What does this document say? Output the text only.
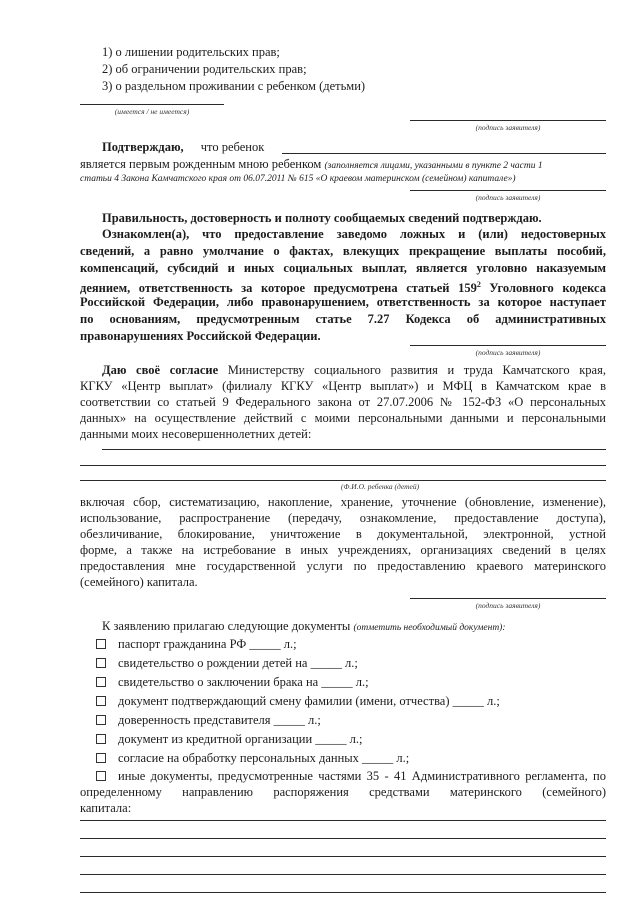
1) о лишении родительских прав;
2) об ограничении родительских прав;
3) о раздельном проживании с ребенком (детьми)
(имеется / не имеется)
(подпись заявителя)
Подтверждаю, что ребенок
является первым рожденным мною ребенком (заполняется лицами, указанными в пункте 2 части 1
статьи 4 Закона Камчатского края от 06.07.2011 № 615 «О краевом материнском (семейном) капитале»)
(подпись заявителя)
Правильность, достоверность и полноту сообщаемых сведений подтверждаю.
Ознакомлен(а), что предоставление заведомо ложных и (или) недостоверных
сведений, а равно умолчание о фактах, влекущих прекращение выплаты пособий,
компенсаций, субсидий и иных социальных выплат, является уголовно наказуемым
деянием, ответственность за которое предусмотрена статьей $159^2$ Уголовного кодекса
Российской Федерации, либо правонарушением, ответственность за которое наступает
по основаниям, предусмотренным статье 7.27 Кодекса об административных
правонарушениях Российской Федерации.
(подпись заявителя)
Даю своё согласие Министерству социального развития и труда Камчатского края,
КГКУ «Центр выплат» (филиалу КГКУ «Центр выплат») и МФЦ в Камчатском крае в
соответствии со статьей 9 Федерального закона от 27.07.2006 № 152-ФЗ «О персональных
данных» на осуществление действий с моими персональными данными и персональными
данными моих несовершеннолетних детей:
(Ф.И.О. ребенка (детей)
включая сбор, систематизацию, накопление, хранение, уточнение (обновление, изменение),
использование, распространение (передачу, ознакомление, предоставление доступа),
обезличивание, блокирование, уничтожение в документальной, электронной, устной
форме, а также на истребование в иных учреждениях, организациях сведений в целях
предоставления мне государственной услуги по предоставлению краевого материнского
(семейного) капитала.
(подпись заявителя)
К заявлению прилагаю следующие документы (отметить необходимый документ):
паспорт гражданина РФ _____ л.;
свидетельство о рождении детей на _____ л.;
свидетельство о заключении брака на _____ л.;
документ подтверждающий смену фамилии (имени, отчества) _____ л.;
доверенность представителя _____ л.;
документ из кредитной организации _____ л.;
согласие на обработку персональных данных _____ л.;
иные документы, предусмотренные частями 35 - 41 Административного регламента, по
определенному направлению распоряжения средствами материнского (семейного)
капитала:
